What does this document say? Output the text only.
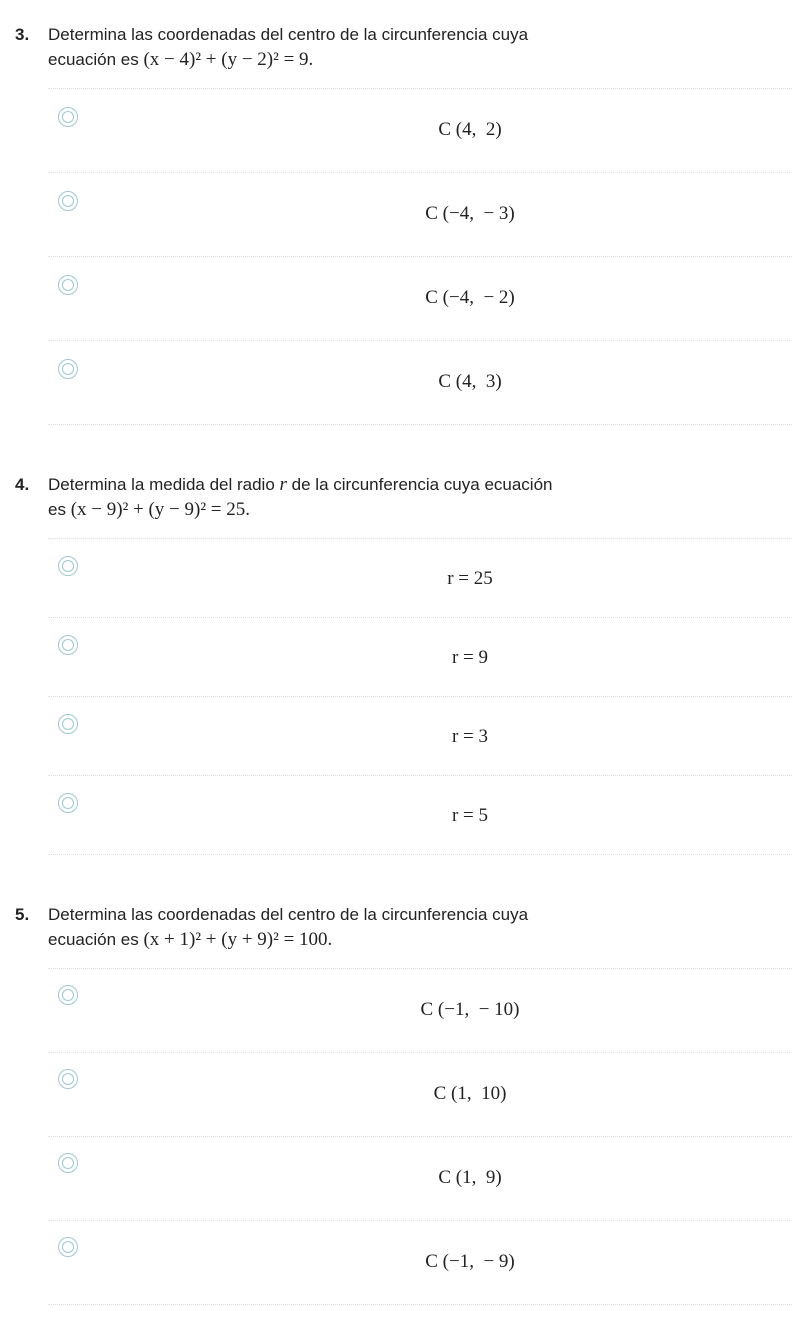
3. Determina las coordenadas del centro de la circunferencia cuya
ecuación es (x − 4)² + (y − 2)² = 9.
C (4,  2)
C (−4,  − 3)
C (−4,  − 2)
C (4,  3)
4. Determina la medida del radio r de la circunferencia cuya ecuación
es (x − 9)² + (y − 9)² = 25.
r = 25
r = 9
r = 3
r = 5
5. Determina las coordenadas del centro de la circunferencia cuya
ecuación es (x + 1)² + (y + 9)² = 100.
C (−1,  − 10)
C (1,  10)
C (1,  9)
C (−1,  − 9)
